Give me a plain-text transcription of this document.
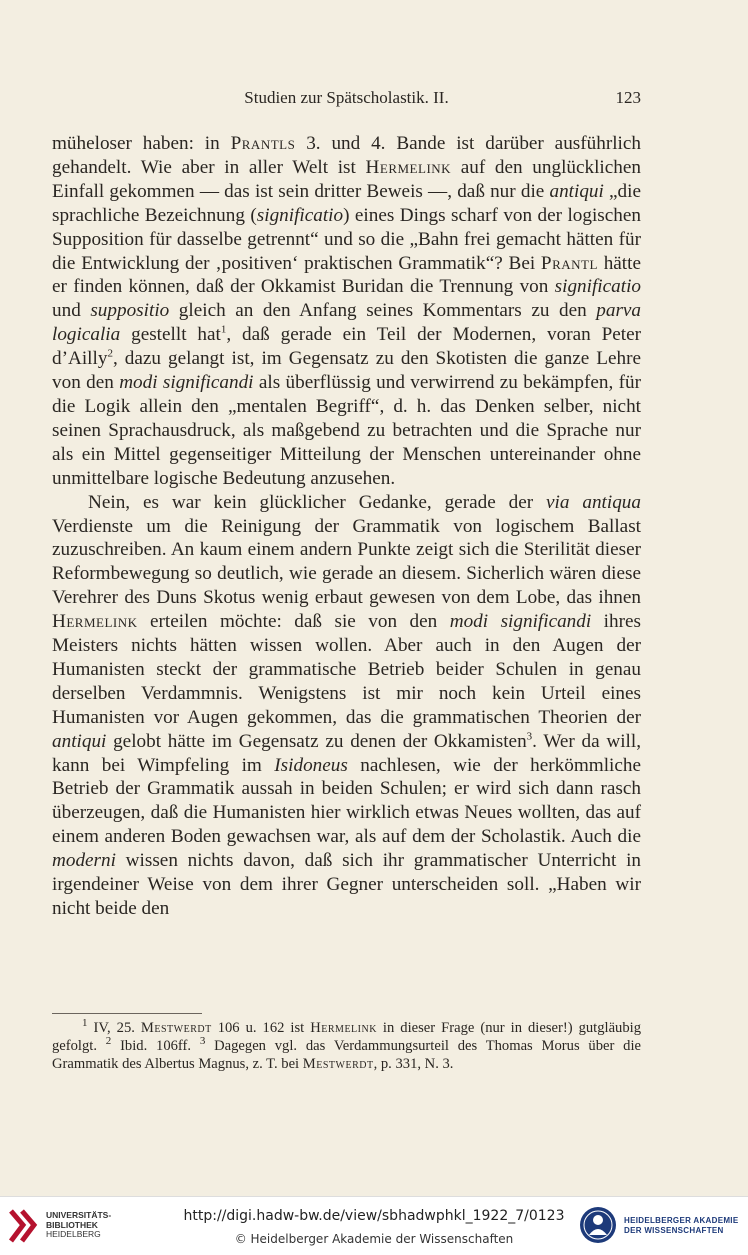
Studien zur Spätscholastik. II.	123

müheloser haben: in Prantls 3. und 4. Bande ist darüber ausführlich gehandelt. Wie aber in aller Welt ist Hermelink auf den unglücklichen Einfall gekommen — das ist sein dritter Beweis —, daß nur die antiqui „die sprachliche Bezeichnung (significatio) eines Dings scharf von der logischen Supposition für dasselbe getrennt“ und so die „Bahn frei gemacht hätten für die Entwicklung der ‚positiven‘ praktischen Grammatik“? Bei Prantl hätte er finden können, daß der Okkamist Buridan die Trennung von significatio und suppositio gleich an den Anfang seines Kommentars zu den parva logicalia gestellt hat$^1$, daß gerade ein Teil der Modernen, voran Peter d’Ailly$^2$, dazu gelangt ist, im Gegensatz zu den Skotisten die ganze Lehre von den modi significandi als überflüssig und verwirrend zu bekämpfen, für die Logik allein den „mentalen Begriff“, d. h. das Denken selber, nicht seinen Sprachausdruck, als maßgebend zu betrachten und die Sprache nur als ein Mittel gegenseitiger Mitteilung der Menschen untereinander ohne unmittelbare logische Bedeutung anzusehen.

Nein, es war kein glücklicher Gedanke, gerade der via antiqua Verdienste um die Reinigung der Grammatik von logischem Ballast zuzuschreiben. An kaum einem andern Punkte zeigt sich die Sterilität dieser Reformbewegung so deutlich, wie gerade an diesem. Sicherlich wären diese Verehrer des Duns Skotus wenig erbaut gewesen von dem Lobe, das ihnen Hermelink erteilen möchte: daß sie von den modi significandi ihres Meisters nichts hätten wissen wollen. Aber auch in den Augen der Humanisten steckt der grammatische Betrieb beider Schulen in genau derselben Verdammnis. Wenigstens ist mir noch kein Urteil eines Humanisten vor Augen gekommen, das die grammatischen Theorien der antiqui gelobt hätte im Gegensatz zu denen der Okkamisten$^3$. Wer da will, kann bei Wimpfeling im Isidoneus nachlesen, wie der herkömmliche Betrieb der Grammatik aussah in beiden Schulen; er wird sich dann rasch überzeugen, daß die Humanisten hier wirklich etwas Neues wollten, das auf einem anderen Boden gewachsen war, als auf dem der Scholastik. Auch die moderni wissen nichts davon, daß sich ihr grammatischer Unterricht in irgendeiner Weise von dem ihrer Gegner unterscheiden soll. „Haben wir nicht beide den

$^1$ IV, 25. Mestwerdt 106 u. 162 ist Hermelink in dieser Frage (nur in dieser!) gutgläubig gefolgt. $^2$ Ibid. 106ff. $^3$ Dagegen vgl. das Verdammungsurteil des Thomas Morus über die Grammatik des Albertus Magnus, z. T. bei Mestwerdt, p. 331, N. 3.

UNIVERSITÄTS-
BIBLIOTHEK
HEIDELBERG
http://digi.hadw-bw.de/view/sbhadwphkl_1922_7/0123
© Heidelberger Akademie der Wissenschaften
HEIDELBERGER AKADEMIE
DER WISSENSCHAFTEN
